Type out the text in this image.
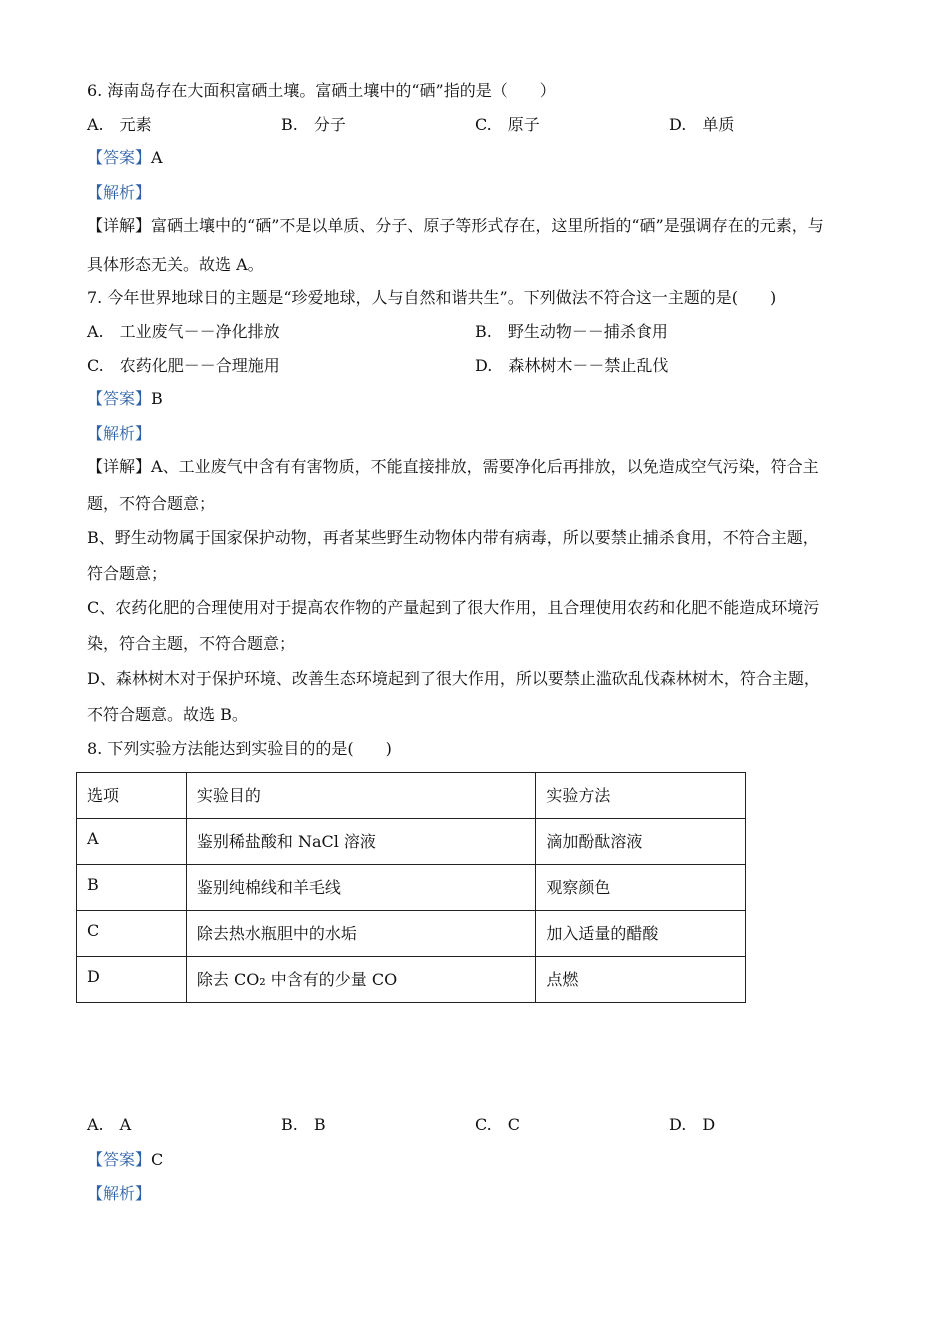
6. 海南岛存在大面积富硒土壤。富硒土壤中的“硒”指的是（　　）
A.　元素	B.　分子	C.　原子	D.　单质
【答案】A
【解析】
【详解】富硒土壤中的“硒”不是以单质、分子、原子等形式存在，这里所指的“硒”是强调存在的元素，与
具体形态无关。故选 A。
7. 今年世界地球日的主题是“珍爱地球，人与自然和谐共生”。下列做法不符合这一主题的是(　　)
A.　工业废气－－净化排放	B.　野生动物－－捕杀食用
C.　农药化肥－－合理施用	D.　森林树木－－禁止乱伐
【答案】B
【解析】
【详解】A、工业废气中含有有害物质，不能直接排放，需要净化后再排放，以免造成空气污染，符合主
题，不符合题意；
B、野生动物属于国家保护动物，再者某些野生动物体内带有病毒，所以要禁止捕杀食用，不符合主题，
符合题意；
C、农药化肥的合理使用对于提高农作物的产量起到了很大作用，且合理使用农药和化肥不能造成环境污
染，符合主题，不符合题意；
D、森林树木对于保护环境、改善生态环境起到了很大作用，所以要禁止滥砍乱伐森林树木，符合主题，
不符合题意。故选 B。
8. 下列实验方法能达到实验目的的是(　　)
选项	实验目的	实验方法
A	鉴别稀盐酸和 NaCl 溶液	滴加酚酞溶液
B	鉴别纯棉线和羊毛线	观察颜色
C	除去热水瓶胆中的水垢	加入适量的醋酸
D	除去 CO₂ 中含有的少量 CO	点燃
A.　A	B.　B	C.　C	D.　D
【答案】C
【解析】
